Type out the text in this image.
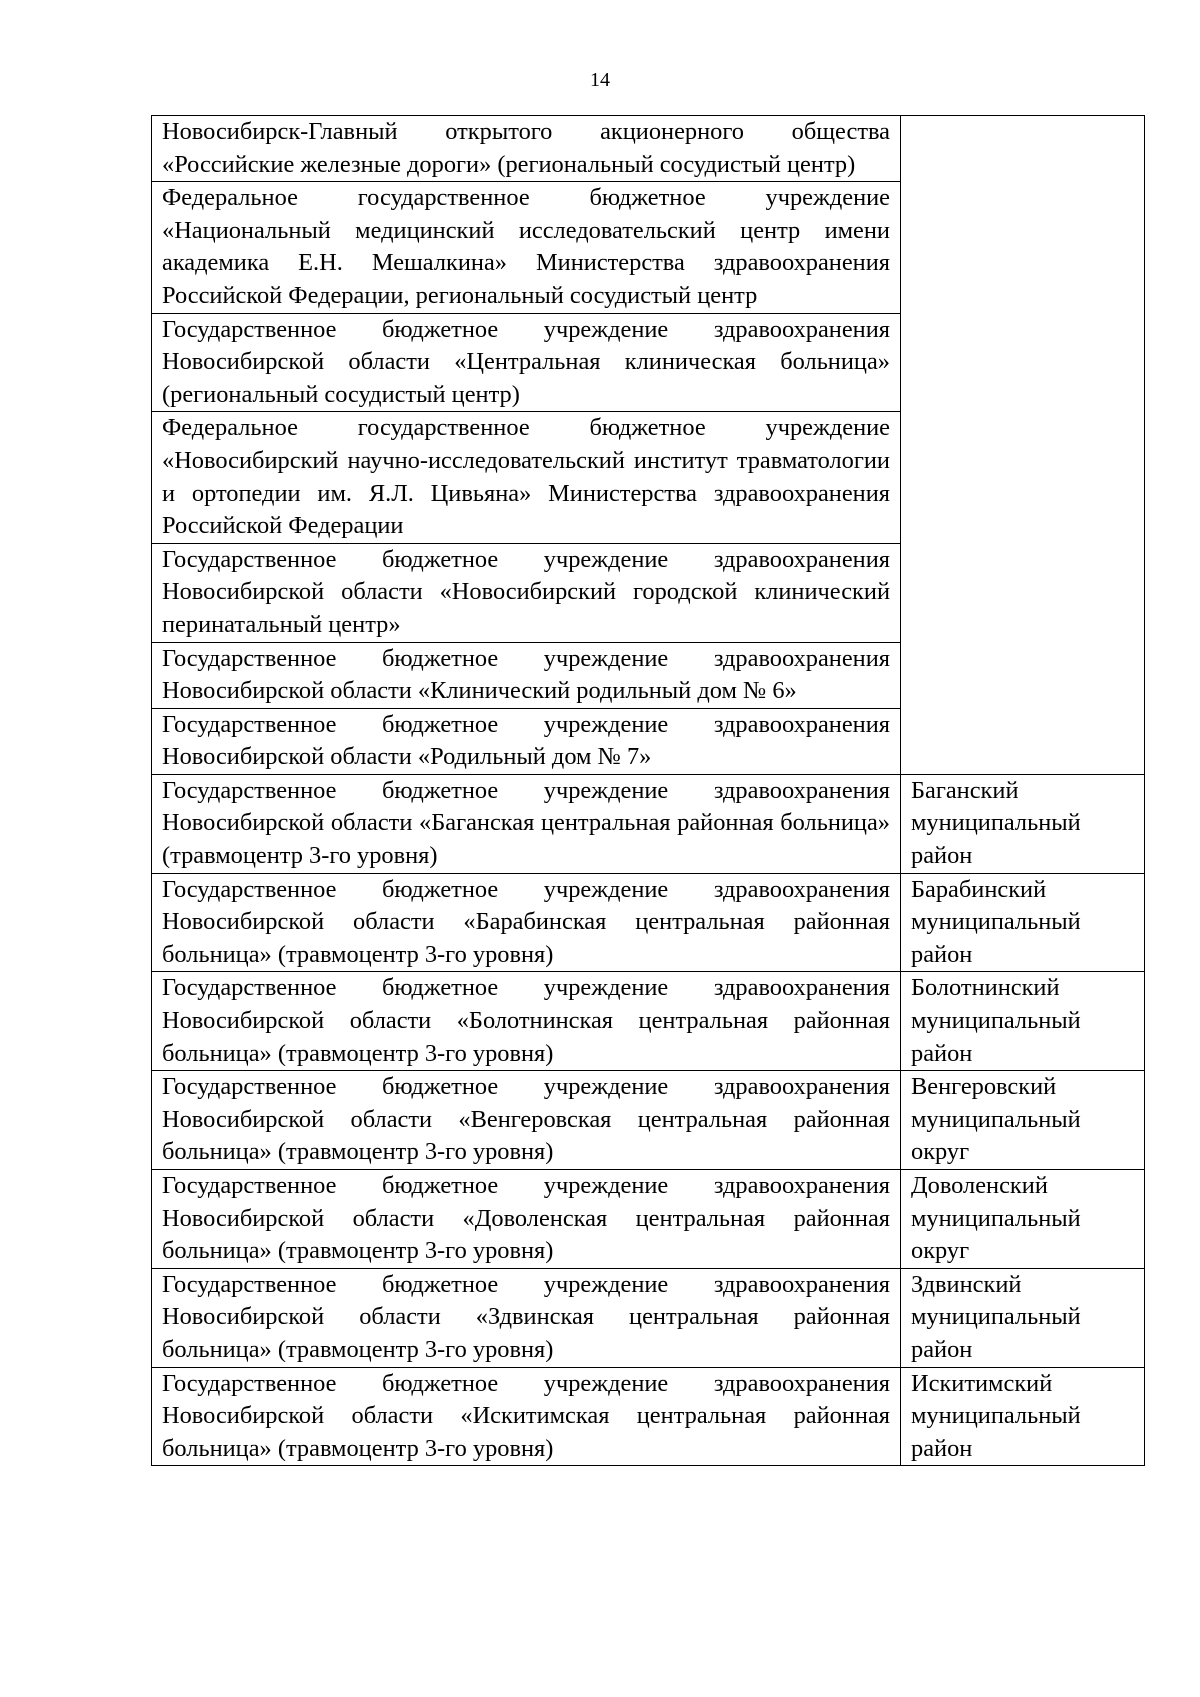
14
Новосибирск-Главный открытого акционерного общества «Российские железные дороги» (региональный сосудистый центр)	
Федеральное государственное бюджетное учреждение «Национальный медицинский исследовательский центр имени академика Е.Н. Мешалкина» Министерства здравоохранения Российской Федерации, региональный сосудистый центр	
Государственное бюджетное учреждение здравоохранения Новосибирской области «Центральная клиническая больница» (региональный сосудистый центр)	
Федеральное государственное бюджетное учреждение «Новосибирский научно-исследовательский институт травматологии и ортопедии им. Я.Л. Цивьяна» Министерства здравоохранения Российской Федерации	
Государственное бюджетное учреждение здравоохранения Новосибирской области «Новосибирский городской клинический перинатальный центр»	
Государственное бюджетное учреждение здравоохранения Новосибирской области «Клинический родильный дом № 6»	
Государственное бюджетное учреждение здравоохранения Новосибирской области «Родильный дом № 7»	
Государственное бюджетное учреждение здравоохранения Новосибирской области «Баганская центральная районная больница» (травмоцентр 3-го уровня)	Баганский муниципальный район
Государственное бюджетное учреждение здравоохранения Новосибирской области «Барабинская центральная районная больница» (травмоцентр 3-го уровня)	Барабинский муниципальный район
Государственное бюджетное учреждение здравоохранения Новосибирской области «Болотнинская центральная районная больница» (травмоцентр 3-го уровня)	Болотнинский муниципальный район
Государственное бюджетное учреждение здравоохранения Новосибирской области «Венгеровская центральная районная больница» (травмоцентр 3-го уровня)	Венгеровский муниципальный округ
Государственное бюджетное учреждение здравоохранения Новосибирской области «Доволенская центральная районная больница» (травмоцентр 3-го уровня)	Доволенский муниципальный округ
Государственное бюджетное учреждение здравоохранения Новосибирской области «Здвинская центральная районная больница» (травмоцентр 3-го уровня)	Здвинский муниципальный район
Государственное бюджетное учреждение здравоохранения Новосибирской области «Искитимская центральная районная больница» (травмоцентр 3-го уровня)	Искитимский муниципальный район
